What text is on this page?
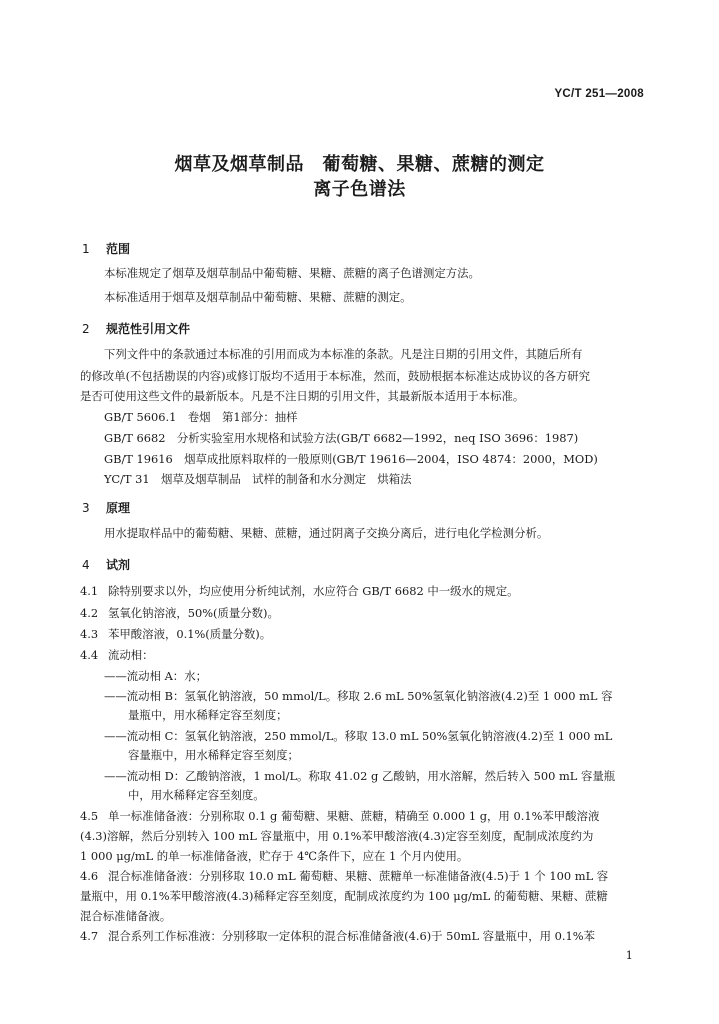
YC/T 251—2008
烟草及烟草制品　葡萄糖、果糖、蔗糖的测定
离子色谱法
1 范围
本标准规定了烟草及烟草制品中葡萄糖、果糖、蔗糖的离子色谱测定方法。
本标准适用于烟草及烟草制品中葡萄糖、果糖、蔗糖的测定。
2 规范性引用文件
下列文件中的条款通过本标准的引用而成为本标准的条款。凡是注日期的引用文件，其随后所有
的修改单(不包括勘误的内容)或修订版均不适用于本标准，然而，鼓励根据本标准达成协议的各方研究
是否可使用这些文件的最新版本。凡是不注日期的引用文件，其最新版本适用于本标准。
GB/T 5606.1　卷烟　第1部分：抽样
GB/T 6682　分析实验室用水规格和试验方法(GB/T 6682—1992，neq ISO 3696：1987)
GB/T 19616　烟草成批原料取样的一般原则(GB/T 19616—2004，ISO 4874：2000，MOD)
YC/T 31　烟草及烟草制品　试样的制备和水分测定　烘箱法
3 原理
用水提取样品中的葡萄糖、果糖、蔗糖，通过阴离子交换分离后，进行电化学检测分析。
4 试剂
4.1 除特别要求以外，均应使用分析纯试剂，水应符合 GB/T 6682 中一级水的规定。
4.2 氢氧化钠溶液，50%(质量分数)。
4.3 苯甲酸溶液，0.1%(质量分数)。
4.4 流动相：
——流动相 A：水；
——流动相 B：氢氧化钠溶液，50 mmol/L。移取 2.6 mL 50%氢氧化钠溶液(4.2)至 1 000 mL 容
量瓶中，用水稀释定容至刻度；
——流动相 C：氢氧化钠溶液，250 mmol/L。移取 13.0 mL 50%氢氧化钠溶液(4.2)至 1 000 mL
容量瓶中，用水稀释定容至刻度；
——流动相 D：乙酸钠溶液，1 mol/L。称取 41.02 g 乙酸钠，用水溶解，然后转入 500 mL 容量瓶
中，用水稀释定容至刻度。
4.5 单一标准储备液：分别称取 0.1 g 葡萄糖、果糖、蔗糖，精确至 0.000 1 g，用 0.1%苯甲酸溶液
(4.3)溶解，然后分别转入 100 mL 容量瓶中，用 0.1%苯甲酸溶液(4.3)定容至刻度，配制成浓度约为
1 000 μg/mL 的单一标准储备液，贮存于 4℃条件下，应在 1 个月内使用。
4.6 混合标准储备液：分别移取 10.0 mL 葡萄糖、果糖、蔗糖单一标准储备液(4.5)于 1 个 100 mL 容
量瓶中，用 0.1%苯甲酸溶液(4.3)稀释定容至刻度，配制成浓度约为 100 μg/mL 的葡萄糖、果糖、蔗糖
混合标准储备液。
4.7 混合系列工作标准液：分别移取一定体积的混合标准储备液(4.6)于 50mL 容量瓶中，用 0.1%苯
1
